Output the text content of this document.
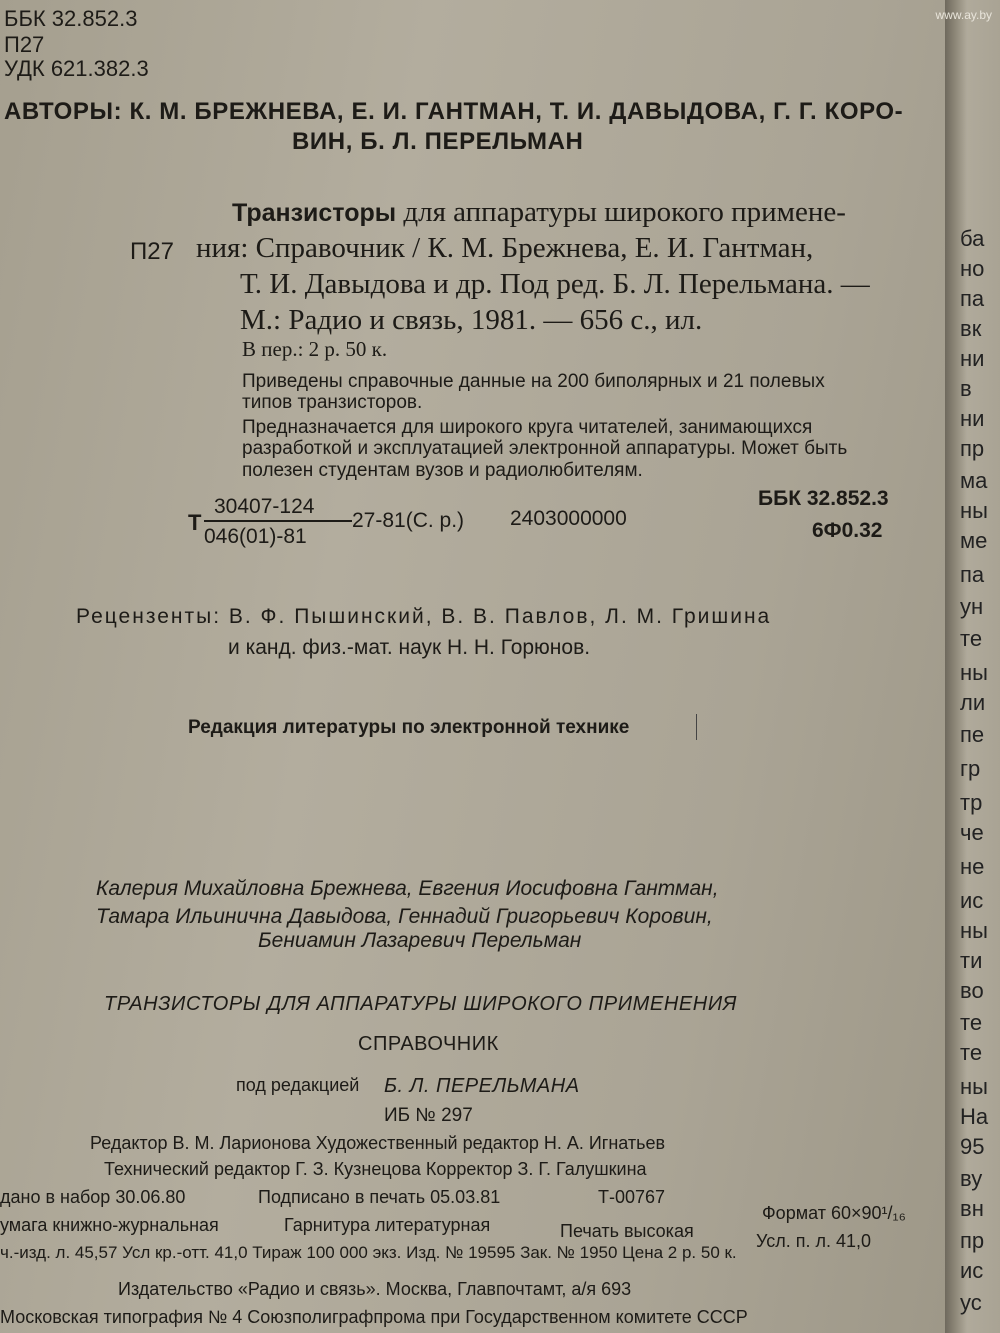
ББК 32.852.3
П27
УДК 621.382.3
АВТОРЫ: К. М. БРЕЖНЕВА, Е. И. ГАНТМАН, Т. И. ДАВЫДОВА, Г. Г. КОРО-
ВИН, Б. Л. ПЕРЕЛЬМАН
Транзисторы для аппаратуры широкого примене-
П27 ния: Справочник / К. М. Брежнева, Е. И. Гантман,
Т. И. Давыдова и др. Под ред. Б. Л. Перельмана. —
М.: Радио и связь, 1981. — 656 с., ил.
В пер.: 2 р. 50 к.
Приведены справочные данные на 200 биполярных и 21 полевых
типов транзисторов.
Предназначается для широкого круга читателей, занимающихся
разработкой и эксплуатацией электронной аппаратуры. Может быть
полезен студентам вузов и радиолюбителям.
Т
30407-124
046(01)-81
27-81(С. р.) 2403000000
ББК 32.852.3
6Ф0.32
Рецензенты: В. Ф. Пышинский, В. В. Павлов, Л. М. Гришина
и канд. физ.-мат. наук Н. Н. Горюнов.
Редакция литературы по электронной технике
Калерия Михайловна Брежнева, Евгения Иосифовна Гантман,
Тамара Ильинична Давыдова, Геннадий Григорьевич Коровин,
Бениамин Лазаревич Перельман
ТРАНЗИСТОРЫ ДЛЯ АППАРАТУРЫ ШИРОКОГО ПРИМЕНЕНИЯ
СПРАВОЧНИК
под редакцией Б. Л. ПЕРЕЛЬМАНА
ИБ № 297
Редактор В. М. Ларионова Художественный редактор Н. А. Игнатьев
Технический редактор Г. З. Кузнецова Корректор З. Г. Галушкина
дано в набор 30.06.80	Подписано в печать 05.03.81	Т-00767
Формат 60×90¹/₁₆
умага книжно-журнальная	Гарнитура литературная	Печать высокая	Усл. п. л. 41,0
ч.-изд. л. 45,57 Усл кр.-отт. 41,0 Тираж 100 000 экз. Изд. № 19595 Зак. № 1950 Цена 2 р. 50 к.
Издательство «Радио и связь». Москва, Главпочтамт, а/я 693
Московская типография № 4 Союзполиграфпрома при Государственном комитете СССР
ба
но
па
вк
ни
в
ни
пр
ма
ны
ме
па
ун
те
ны
ли
пе
гр
тр
че
не
ис
ны
ти
во
те
те
ны
На
95
ву
вн
пр
ис
ус
www.ay.by
